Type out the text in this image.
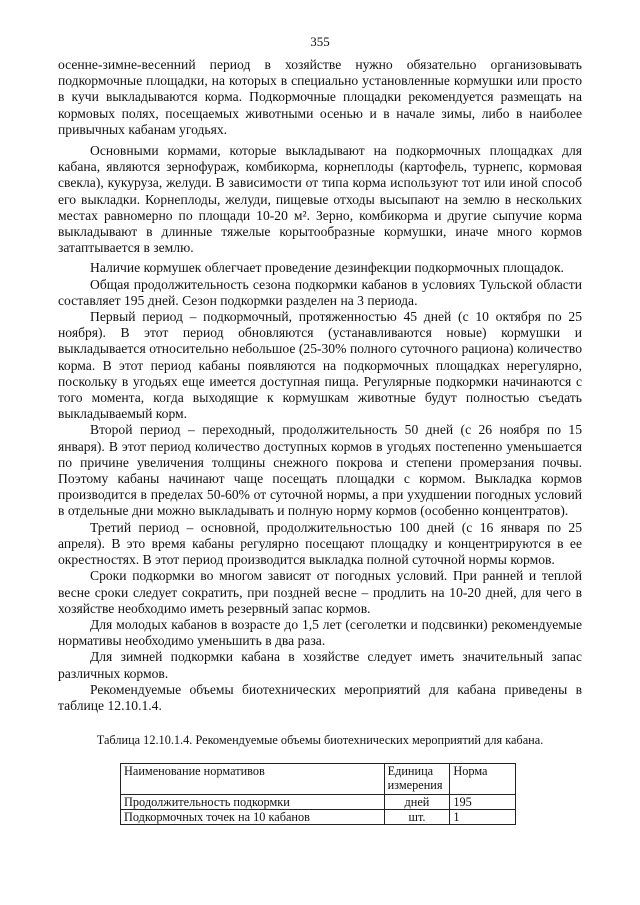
355

осенне-зимне-весенний период в хозяйстве нужно обязательно организовывать подкормочные площадки, на которых в специально установленные кормушки или просто в кучи выкладываются корма. Подкормочные площадки рекомендуется размещать на кормовых полях, посещаемых животными осенью и в начале зимы, либо в наиболее привычных кабанам угодьях.

Основными кормами, которые выкладывают на подкормочных площадках для кабана, являются зернофураж, комбикорма, корнеплоды (картофель, турнепс, кормовая свекла), кукуруза, желуди. В зависимости от типа корма используют тот или иной способ его выкладки. Корнеплоды, желуди, пищевые отходы высыпают на землю в нескольких местах равномерно по площади 10-20 м². Зерно, комбикорма и другие сыпучие корма выкладывают в длинные тяжелые корытообразные кормушки, иначе много кормов затаптывается в землю.

Наличие кормушек облегчает проведение дезинфекции подкормочных площадок.

Общая продолжительность сезона подкормки кабанов в условиях Тульской области составляет 195 дней. Сезон подкормки разделен на 3 периода.

Первый период – подкормочный, протяженностью 45 дней (с 10 октября по 25 ноября). В этот период обновляются (устанавливаются новые) кормушки и выкладывается относительно небольшое (25-30% полного суточного рациона) количество корма. В этот период кабаны появляются на подкормочных площадках нерегулярно, поскольку в угодьях еще имеется доступная пища. Регулярные подкормки начинаются с того момента, когда выходящие к кормушкам животные будут полностью съедать выкладываемый корм.

Второй период – переходный, продолжительность 50 дней (с 26 ноября по 15 января). В этот период количество доступных кормов в угодьях постепенно уменьшается по причине увеличения толщины снежного покрова и степени промерзания почвы. Поэтому кабаны начинают чаще посещать площадки с кормом. Выкладка кормов производится в пределах 50-60% от суточной нормы, а при ухудшении погодных условий в отдельные дни можно выкладывать и полную норму кормов (особенно концентратов).

Третий период – основной, продолжительностью 100 дней (с 16 января по 25 апреля). В это время кабаны регулярно посещают площадку и концентрируются в ее окрестностях. В этот период производится выкладка полной суточной нормы кормов.

Сроки подкормки во многом зависят от погодных условий. При ранней и теплой весне сроки следует сократить, при поздней весне – продлить на 10-20 дней, для чего в хозяйстве необходимо иметь резервный запас кормов.

Для молодых кабанов в возрасте до 1,5 лет (сеголетки и подсвинки) рекомендуемые нормативы необходимо уменьшить в два раза.

Для зимней подкормки кабана в хозяйстве следует иметь значительный запас различных кормов.

Рекомендуемые объемы биотехнических мероприятий для кабана приведены в таблице 12.10.1.4.

Таблица 12.10.1.4. Рекомендуемые объемы биотехнических мероприятий для кабана.
Наименование нормативов	Единица измерения	Норма
Продолжительность подкормки	дней	195
Подкормочных точек на 10 кабанов	шт.	1
